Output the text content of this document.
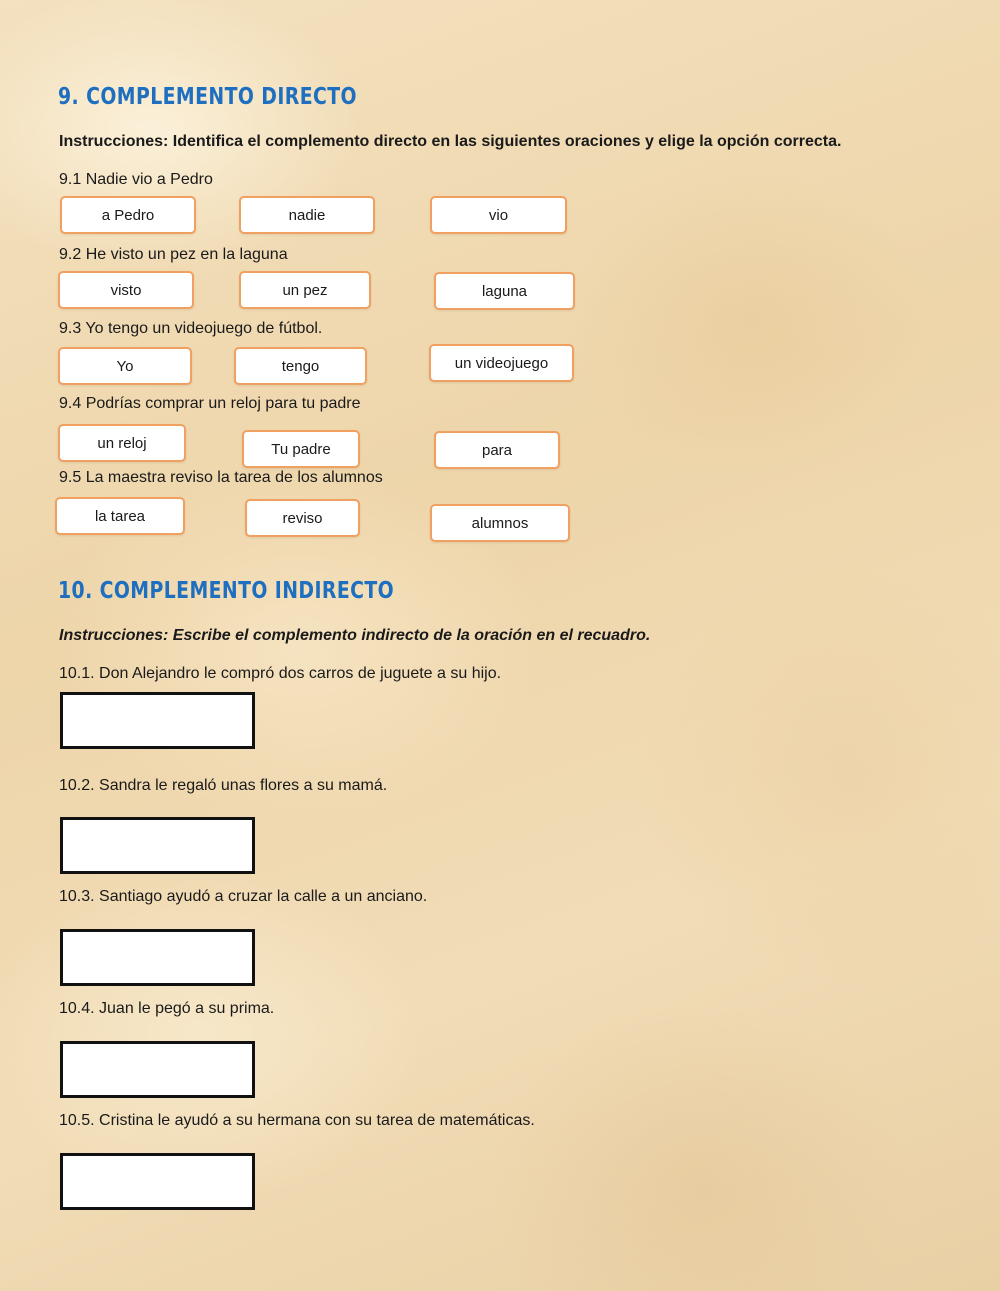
9. COMPLEMENTO DIRECTO

Instrucciones: Identifica el complemento directo en las siguientes oraciones y elige la opción correcta.

9.1 Nadie vio a Pedro

a Pedro	nadie	vio

9.2 He visto un pez en la laguna

visto	un pez	laguna

9.3 Yo tengo un videojuego de fútbol.

Yo	tengo	un videojuego

9.4 Podrías comprar un reloj para tu padre

un reloj	Tu padre	para

9.5 La maestra reviso la tarea de los alumnos

la tarea	reviso	alumnos
10. COMPLEMENTO INDIRECTO

Instrucciones: Escribe el complemento indirecto de la oración en el recuadro.

10.1. Don Alejandro le compró dos carros de juguete a su hijo.

10.2. Sandra le regaló unas flores a su mamá.

10.3. Santiago ayudó a cruzar la calle a un anciano.

10.4. Juan le pegó a su prima.

10.5. Cristina le ayudó a su hermana con su tarea de matemáticas.
